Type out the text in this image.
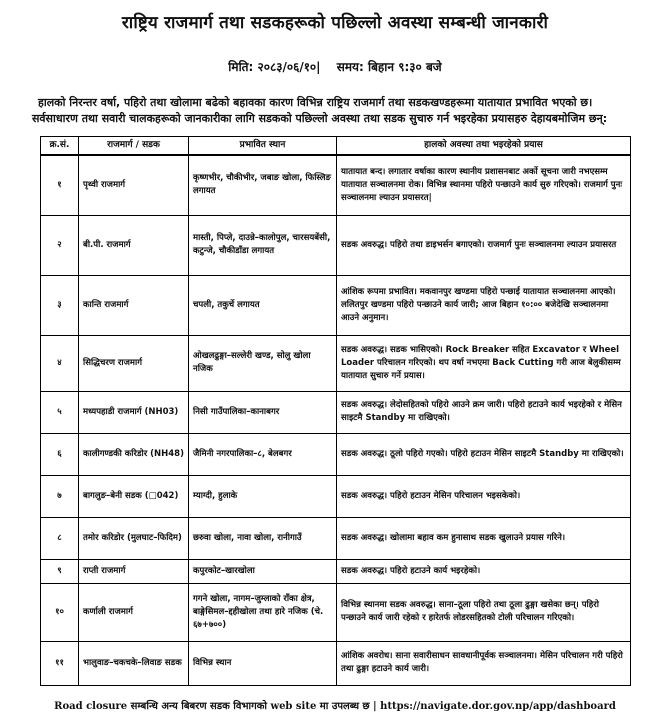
राष्ट्रिय राजमार्ग तथा सडकहरूको पछिल्लो अवस्था सम्बन्धी जानकारी
मिति: २०८३/०६/१०| समय: बिहान ९:३० बजे

हालको निरन्तर वर्षा, पहिरो तथा खोलामा बढेको बहावका कारण विभिन्न राष्ट्रिय राजमार्ग तथा सडकखण्डहरूमा यातायात प्रभावित भएको छ।

सर्वसाधारण तथा सवारी चालकहरूको जानकारीका लागि सडकको पछिल्लो अवस्था तथा सडक सुचारु गर्न भइरहेका प्रयासहरु देहायबमोजिम छन्:

क्र.सं.	राजमार्ग / सडक	प्रभावित स्थान	हालको अवस्था तथा भइरहेको प्रयास
१	पृथ्वी राजमार्ग	कृष्णभीर, चौकीभीर, जबाङ खोला, फिस्लिङ लगायत	यातायात बन्द। लगातार वर्षाका कारण स्थानीय प्रशासनबाट अर्को सूचना जारी नभएसम्म यातायात सञ्चालनमा रोक। विभिन्न स्थानमा पहिरो पन्छाउने कार्य सुरु गरिएको। राजमार्ग पुनः सञ्चालनमा ल्याउन प्रयासरत|
२	बी.पी. राजमार्ग	मास्ती, पिप्ले, दाउन्ने–कालोपुल, चारसयबेंसी, कटुन्जे, चौकीडाँडा लगायत	सडक अवरुद्ध। पहिरो तथा डाइभर्सन बगाएको। राजमार्ग पुनः सञ्चालनमा ल्याउन प्रयासरत
३	कान्ति राजमार्ग	चपली, तकुर्चे लगायत	आंशिक रूपमा प्रभावित। मकवानपुर खण्डमा पहिरो पन्छाई यातायात सञ्चालनमा आएको। ललितपुर खण्डमा पहिरो पन्छाउने कार्य जारी; आज बिहान १०:०० बजेदेखि सञ्चालनमा आउने अनुमान।
४	सिद्धिचरण राजमार्ग	ओखलढुङ्गा–सल्लेरी खण्ड, सोलु खोला नजिक	सडक अवरुद्ध। सडक भासिएको। Rock Breaker सहित Excavator र Wheel Loader परिचालन गरिएको। थप वर्षा नभएमा Back Cutting गरी आज बेलुकीसम्म यातायात सुचारु गर्ने प्रयास।
५	मध्यपहाडी राजमार्ग (NH03)	निसी गाउँपालिका–कानाबगर	सडक अवरुद्ध। लेदोसहितको पहिरो आउने क्रम जारी। पहिरो हटाउने कार्य भइरहेको र मेसिन साइटमै Standby मा राखिएको।
६	कालीगण्डकी करिडोर (NH48)	जैमिनी नगरपालिका–८, बेलबगर	सडक अवरुद्ध। ठूलो पहिरो गएको। पहिरो हटाउन मेसिन साइटमै Standby मा राखिएको।
७	बागलुङ–बेनी सडक (□042)	म्याग्दी, हुलाके	सडक अवरुद्ध। पहिरो हटाउन मेसिन परिचालन भइसकेको।
८	तमोर करिडोर (मुलघाट–फिदिम)	छरुवा खोला, नावा खोला, रानीगाउँ	सडक अवरुद्ध। खोलामा बहाव कम हुनासाथ सडक खुलाउने प्रयास गरिने।
९	राप्ती राजमार्ग	कपुरकोट–खारखोला	सडक अवरुद्ध। पहिरो हटाउने कार्य भइरहेको।
१०	कर्णाली राजमार्ग	गगने खोला, नागम–जुम्लाको राँका क्षेत्र, बाङ्गेसिमल–द्दहीखोला तथा हारे नजिक (चे. ६७+७००)	विभिन्न स्थानमा सडक अवरुद्ध। साना–ठूला पहिरो तथा ठूला ढुङ्गा खसेका छन्। पहिरो पन्छाउने कार्य जारी रहेको र हारेतर्फ लोडरसहितको टोली परिचालन गरिएको।
११	भालुवाङ–चकचके–लिवाङ सडक	विभिन्न स्थान	आंशिक अवरोध। साना सवारीसाधन सावधानीपूर्वक सञ्चालनमा। मेसिन परिचालन गरी पहिरो तथा ढुङ्गा हटाउने कार्य जारी।
Road closure सम्बन्धि अन्य बिबरण सडक विभागको web site मा उपलब्ध छ | https://navigate.dor.gov.np/app/dashboard
